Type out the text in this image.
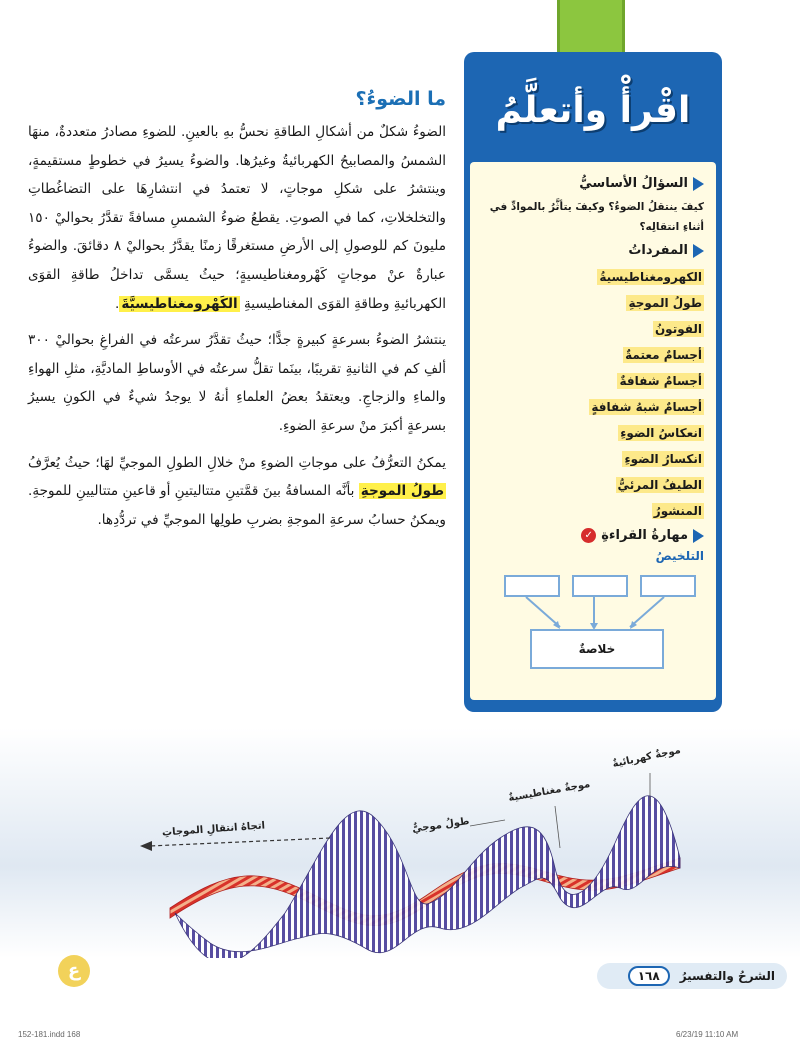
ما الضوءُ؟

الضوءُ شكلٌ من أشكالِ الطاقةِ نحسُّ بهِ بالعينِ. للضوءِ مصادرُ متعددةٌ، منهَا الشمسُ والمصابيحُ الكهربائيةُ وغيرُها. والضوءُ يسيرُ في خطوطٍ مستقيمةٍ، وينتشرُ على شكلِ موجاتٍ، لا تعتمدُ في انتشارِهَا على التضاغُطاتِ والتخلخلاتِ، كما في الصوتِ. يقطعُ ضوءُ الشمسِ مسافةً تقدَّرُ بحواليْ ١٥٠ مليونَ كم للوصولِ إلى الأرضِ مستغرقًا زمنًا يقدَّرُ بحواليْ ٨ دقائقَ. والضوءُ عبارةٌ عنْ موجاتٍ كَهْرومغناطيسيةٍ؛ حيثُ يسمَّى تداخلُ طاقةِ القوَى الكهربائيةِ وطاقةِ القوَى المغناطيسيةِ الكَهْرومغناطيسيَّةَ.

ينتشرُ الضوءُ بسرعةٍ كبيرةٍ جدًّا؛ حيثُ تقدَّرُ سرعتُه في الفراغِ بحواليْ ٣٠٠ ألفِ كم في الثانيةِ تقريبًا، بينَما تقلُّ سرعتُه في الأوساطِ الماديَّةِ، مثلِ الهواءِ والماءِ والزجاجِ. ويعتقدُ بعضُ العلماءِ أنهُ لا يوجدُ شيءٌ في الكونِ يسيرُ بسرعةٍ أكبرَ منْ سرعةِ الضوءِ.

يمكنُ التعرُّفُ على موجاتِ الضوءِ منْ خلالِ الطولِ الموجيِّ لهَا؛ حيثُ يُعرَّفُ طولُ الموجةِ بأنَّه المسافةُ بينَ قمَّتينِ متتاليتينِ أو قاعينِ متتاليينِ للموجةِ. ويمكنُ حسابُ سرعةِ الموجةِ بضربِ طولِها الموجيِّ في تردُّدِها.

اقْرأْ وأتعلَّمُ
السؤالُ الأساسيُّ
كيفَ ينتقلُ الضوءُ؟ وكيفَ يتأثَّرُ بالموادِّ في أثناءِ انتقالِه؟
المفرداتُ
الكهرومغناطيسيةُ
طولُ الموجةِ
الفوتونُ
أجسامٌ معتمةٌ
أجسامٌ شفافةٌ
أجسامٌ شبهُ شفافةٍ
انعكاسُ الضوءِ
انكسارُ الضوءِ
الطيفُ المرئيُّ
المنشورُ
مهارةُ القراءةِ
✓
التلخيصُ
خلاصةٌ
اتجاهُ انتقالِ الموجاتِ	طولُ موجيٌّ
موجةٌ مغناطيسيةٌ
موجةٌ كهربائيةٌ
ع	الشرحُ والتفسيرُ
١٦٨
152-181.indd 168	6/23/19 11:10 AM
